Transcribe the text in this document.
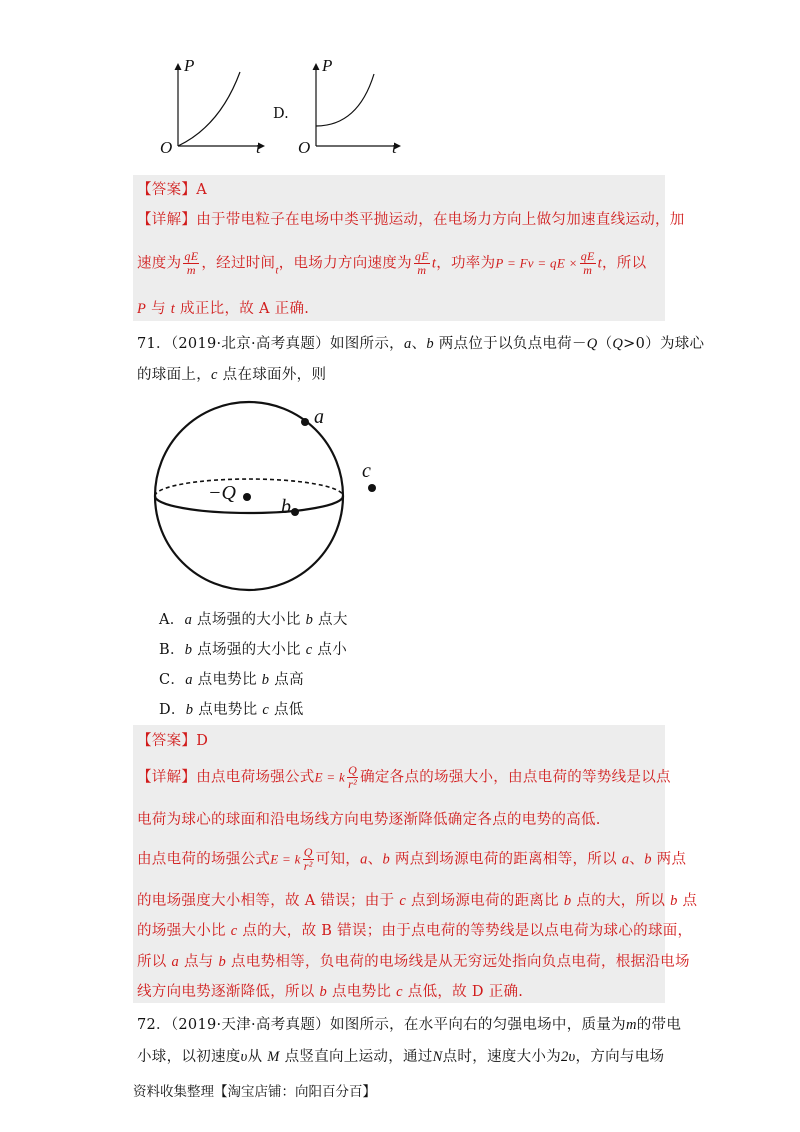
P
t
O
D.
P
t
O
【答案】A
【详解】由于带电粒子在电场中类平抛运动，在电场力方向上做匀加速直线运动，加
速度为 $\frac{qE}{m}$ ，经过时间$_t$，电场力方向速度为 $\frac{qE}{m}$ t，功率为P = Fv = qE × $\frac{qE}{m}$ t，所以
P 与 t 成正比，故 A 正确.
71．（2019·北京·高考真题）如图所示，a、b 两点位于以负点电荷－Q（Q>0）为球心
的球面上，c 点在球面外，则
a
b
c
−Q
A．a 点场强的大小比 b 点大
B．b 点场强的大小比 c 点小
C．a 点电势比 b 点高
D．b 点电势比 c 点低
【答案】D
【详解】由点电荷场强公式E = k $\frac{Q}{\text{r²}}$ 确定各点的场强大小，由点电荷的等势线是以点
电荷为球心的球面和沿电场线方向电势逐渐降低确定各点的电势的高低.
由点电荷的场强公式E = k $\frac{Q}{\text{r²}}$ 可知，a、b 两点到场源电荷的距离相等，所以 a、b 两点
的电场强度大小相等，故 A 错误；由于 c 点到场源电荷的距离比 b 点的大，所以 b 点
的场强大小比 c 点的大，故 B 错误；由于点电荷的等势线是以点电荷为球心的球面，
所以 a 点与 b 点电势相等，负电荷的电场线是从无穷远处指向负点电荷，根据沿电场
线方向电势逐渐降低，所以 b 点电势比 c 点低，故 D 正确.
72．（2019·天津·高考真题）如图所示，在水平向右的匀强电场中，质量为m的带电
小球，以初速度υ从 M 点竖直向上运动，通过N点时，速度大小为2υ，方向与电场
资料收集整理【淘宝店铺：向阳百分百】
